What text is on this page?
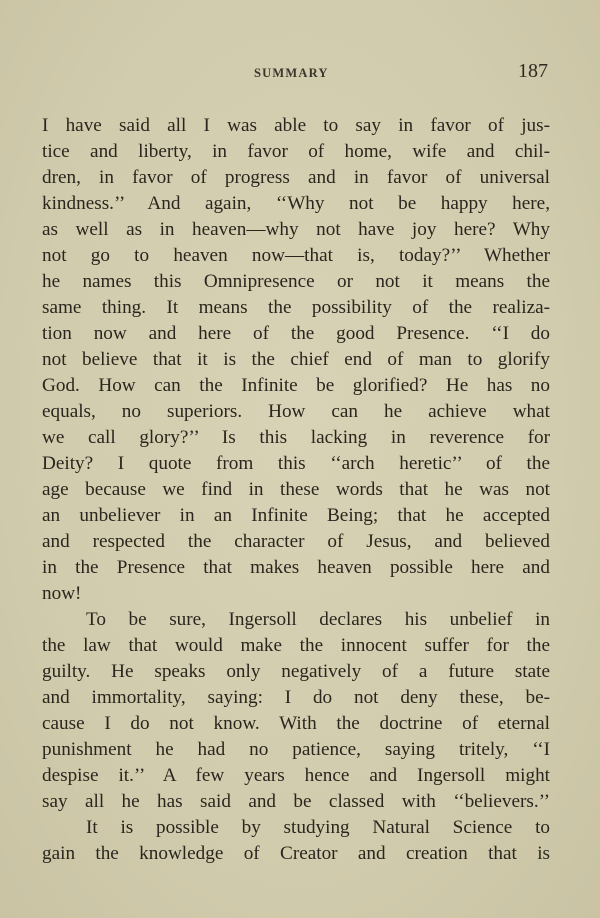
SUMMARY	187
I have said all I was able to say in favor of jus-
tice and liberty, in favor of home, wife and chil-
dren, in favor of progress and in favor of universal
kindness.’’ And again, ‘‘Why not be happy here,
as well as in heaven—why not have joy here? Why
not go to heaven now—that is, today?’’ Whether
he names this Omnipresence or not it means the
same thing. It means the possibility of the realiza-
tion now and here of the good Presence. ‘‘I do
not believe that it is the chief end of man to glorify
God. How can the Infinite be glorified? He has no
equals, no superiors. How can he achieve what
we call glory?’’ Is this lacking in reverence for
Deity? I quote from this ‘‘arch heretic’’ of the
age because we find in these words that he was not
an unbeliever in an Infinite Being; that he accepted
and respected the character of Jesus, and believed
in the Presence that makes heaven possible here and
now!
To be sure, Ingersoll declares his unbelief in
the law that would make the innocent suffer for the
guilty. He speaks only negatively of a future state
and immortality, saying: I do not deny these, be-
cause I do not know. With the doctrine of eternal
punishment he had no patience, saying tritely, ‘‘I
despise it.’’ A few years hence and Ingersoll might
say all he has said and be classed with ‘‘believers.’’
It is possible by studying Natural Science to
gain the knowledge of Creator and creation that is
